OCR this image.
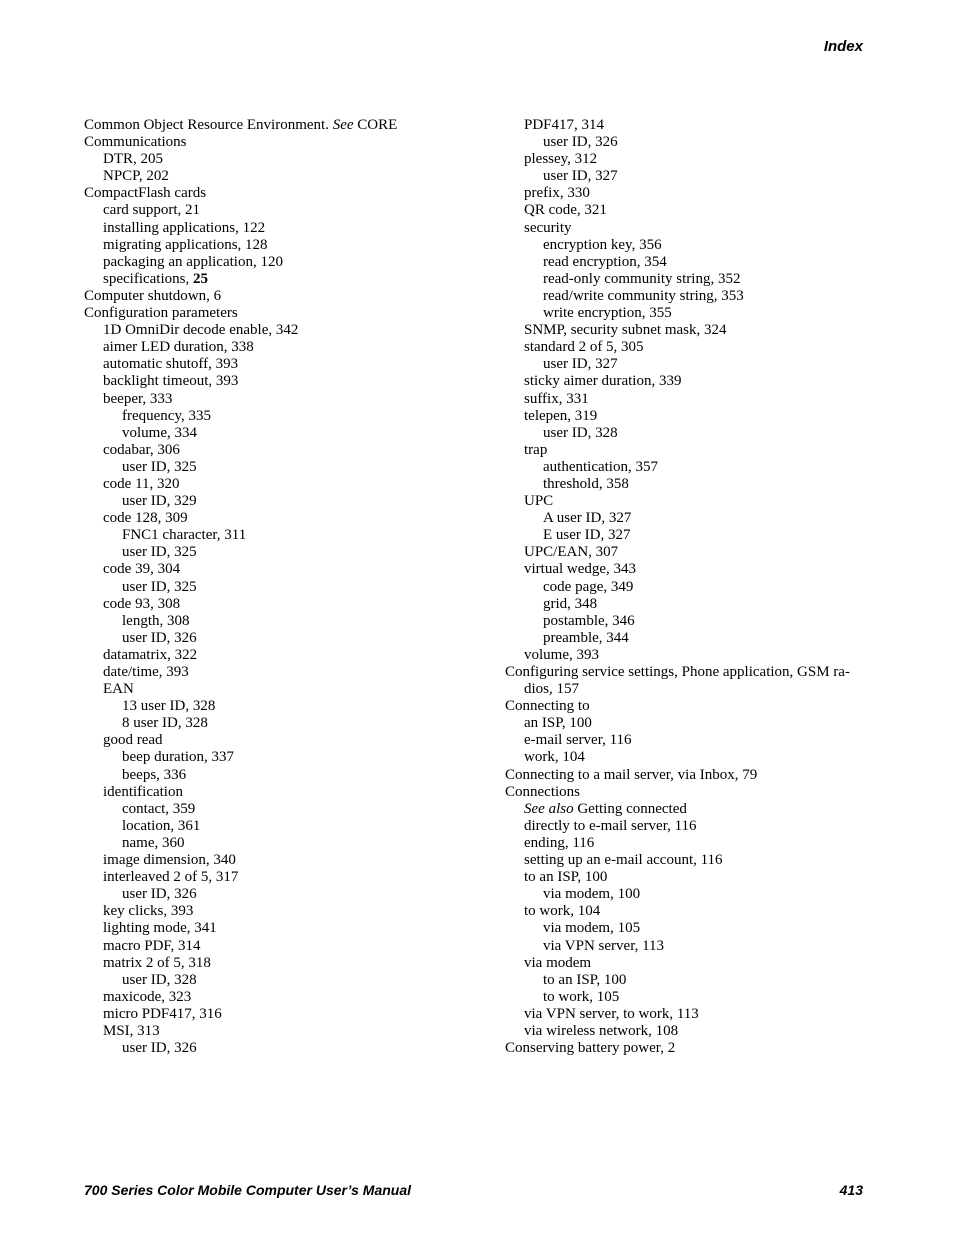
Index
Common Object Resource Environment. See CORE
Communications
DTR, 205
NPCP, 202
CompactFlash cards
card support, 21
installing applications, 122
migrating applications, 128
packaging an application, 120
specifications, 25
Computer shutdown, 6
Configuration parameters
1D OmniDir decode enable, 342
aimer LED duration, 338
automatic shutoff, 393
backlight timeout, 393
beeper, 333
frequency, 335
volume, 334
codabar, 306
user ID, 325
code 11, 320
user ID, 329
code 128, 309
FNC1 character, 311
user ID, 325
code 39, 304
user ID, 325
code 93, 308
length, 308
user ID, 326
datamatrix, 322
date/time, 393
EAN
13 user ID, 328
8 user ID, 328
good read
beep duration, 337
beeps, 336
identification
contact, 359
location, 361
name, 360
image dimension, 340
interleaved 2 of 5, 317
user ID, 326
key clicks, 393
lighting mode, 341
macro PDF, 314
matrix 2 of 5, 318
user ID, 328
maxicode, 323
micro PDF417, 316
MSI, 313
user ID, 326
PDF417, 314
user ID, 326
plessey, 312
user ID, 327
prefix, 330
QR code, 321
security
encryption key, 356
read encryption, 354
read-only community string, 352
read/write community string, 353
write encryption, 355
SNMP, security subnet mask, 324
standard 2 of 5, 305
user ID, 327
sticky aimer duration, 339
suffix, 331
telepen, 319
user ID, 328
trap
authentication, 357
threshold, 358
UPC
A user ID, 327
E user ID, 327
UPC/EAN, 307
virtual wedge, 343
code page, 349
grid, 348
postamble, 346
preamble, 344
volume, 393
Configuring service settings, Phone application, GSM ra-
dios, 157
Connecting to
an ISP, 100
e-mail server, 116
work, 104
Connecting to a mail server, via Inbox, 79
Connections
See also Getting connected
directly to e-mail server, 116
ending, 116
setting up an e-mail account, 116
to an ISP, 100
via modem, 100
to work, 104
via modem, 105
via VPN server, 113
via modem
to an ISP, 100
to work, 105
via VPN server, to work, 113
via wireless network, 108
Conserving battery power, 2
700 Series Color Mobile Computer User’s Manual	413
